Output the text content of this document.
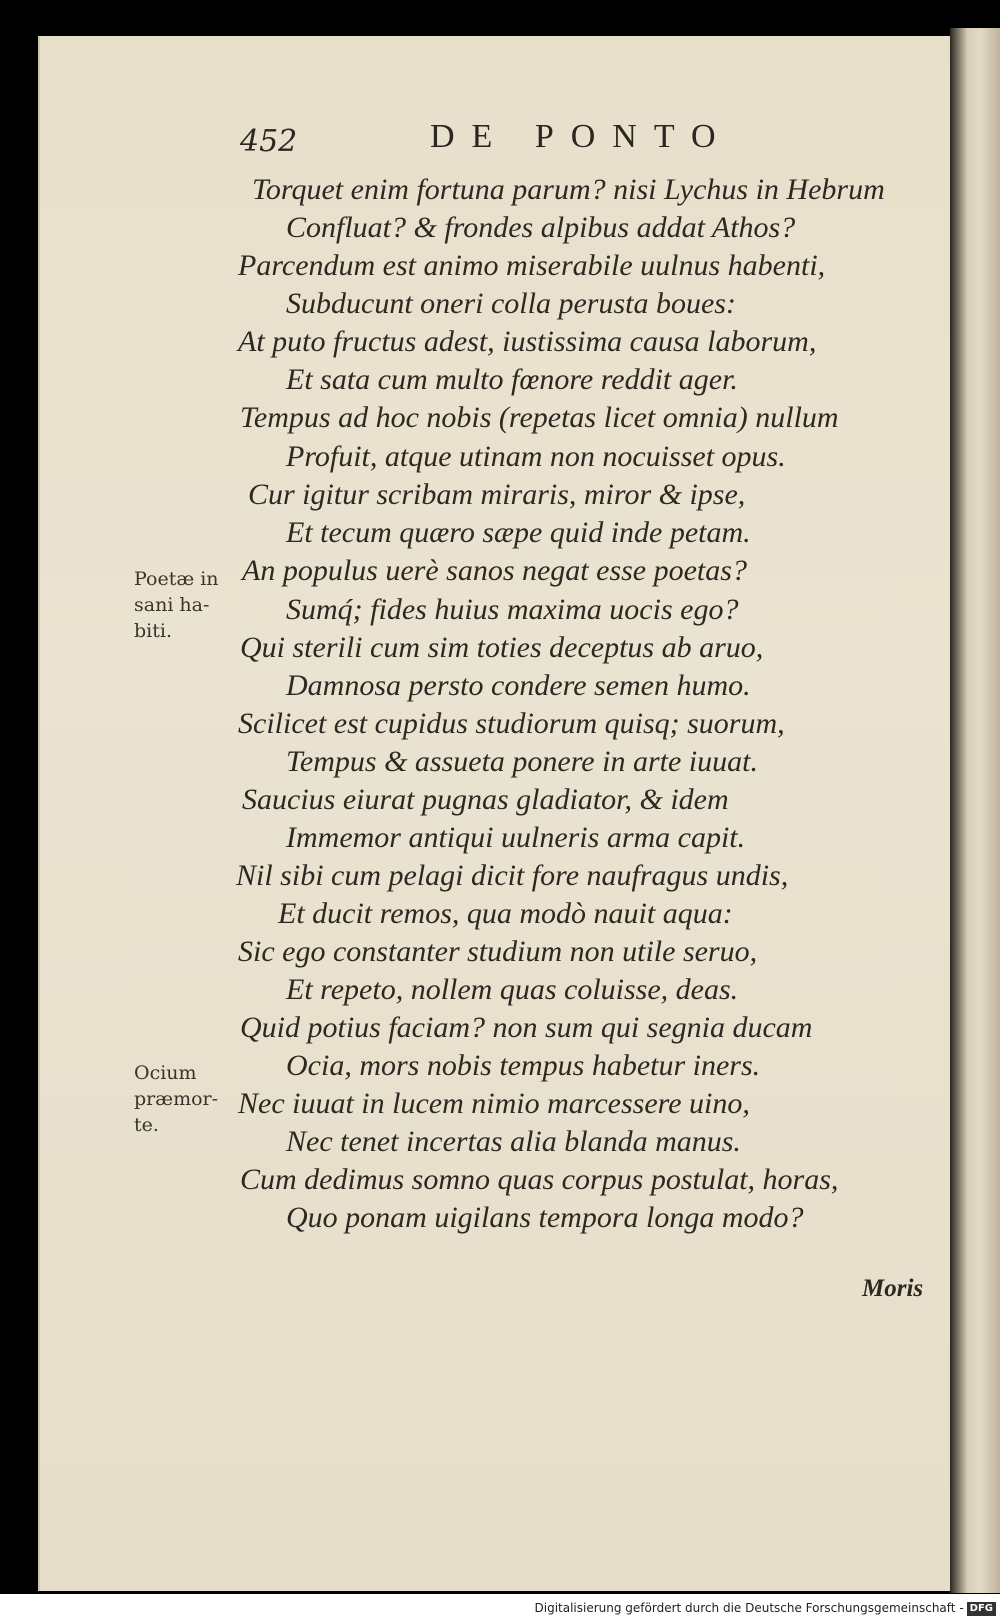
452	DE PONTO
Torquet enim fortuna parum? nisi Lychus in Hebrum
Confluat? & frondes alpibus addat Athos?
Parcendum est animo miserabile uulnus habenti,
Subducunt oneri colla perusta boues:
At puto fructus adest, iustissima causa laborum,
Et sata cum multo fœnore reddit ager.
Tempus ad hoc nobis (repetas licet omnia) nullum
Profuit, atque utinam non nocuisset opus.
Cur igitur scribam miraris, miror & ipse,
Et tecum quæro sæpe quid inde petam.
An populus uerè sanos negat esse poetas?
Sumq́; fides huius maxima uocis ego?
Qui sterili cum sim toties deceptus ab aruo,
Damnosa persto condere semen humo.
Scilicet est cupidus studiorum quisq; suorum,
Tempus & assueta ponere in arte iuuat.
Saucius eiurat pugnas gladiator, & idem
Immemor antiqui uulneris arma capit.
Nil sibi cum pelagi dicit fore naufragus undis,
Et ducit remos, qua modò nauit aqua:
Sic ego constanter studium non utile seruo,
Et repeto, nollem quas coluisse, deas.
Quid potius faciam? non sum qui segnia ducam
Ocia, mors nobis tempus habetur iners.
Nec iuuat in lucem nimio marcessere uino,
Nec tenet incertas alia blanda manus.
Cum dedimus somno quas corpus postulat, horas,
Quo ponam uigilans tempora longa modo?
Poetæ in
sani ha-
biti.
Ocium
præmor-
te.
Moris
Digitalisierung gefördert durch die Deutsche Forschungsgemeinschaft - DFG
